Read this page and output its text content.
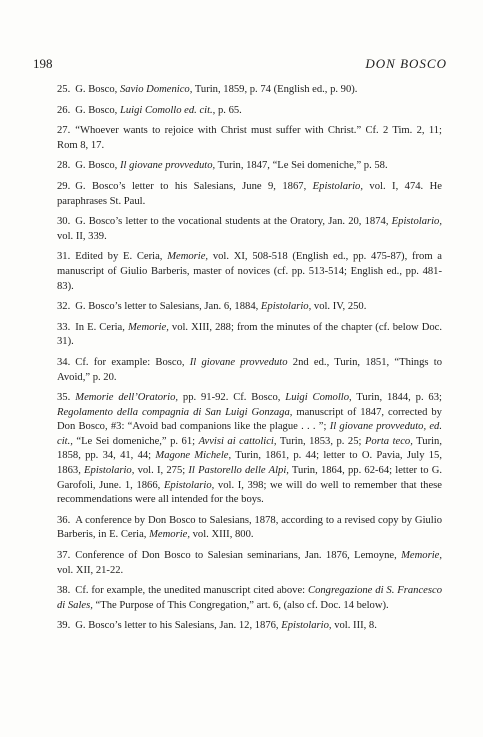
198	DON BOSCO

25. G. Bosco, Savio Domenico, Turin, 1859, p. 74 (English ed., p. 90).

26. G. Bosco, Luigi Comollo ed. cit., p. 65.

27. “Whoever wants to rejoice with Christ must suffer with Christ.” Cf. 2 Tim. 2, 11; Rom 8, 17.

28. G. Bosco, Il giovane provveduto, Turin, 1847, “Le Sei domeniche,” p. 58.

29. G. Bosco’s letter to his Salesians, June 9, 1867, Epistolario, vol. I, 474. He paraphrases St. Paul.

30. G. Bosco’s letter to the vocational students at the Oratory, Jan. 20, 1874, Epistolario, vol. II, 339.

31. Edited by E. Ceria, Memorie, vol. XI, 508-518 (English ed., pp. 475-87), from a manuscript of Giulio Barberis, master of novices (cf. pp. 513-514; English ed., pp. 481-83).

32. G. Bosco’s letter to Salesians, Jan. 6, 1884, Epistolario, vol. IV, 250.

33. In E. Ceria, Memorie, vol. XIII, 288; from the minutes of the chapter (cf. below Doc. 31).

34. Cf. for example: Bosco, Il giovane provveduto 2nd ed., Turin, 1851, “Things to Avoid,” p. 20.

35. Memorie dell’Oratorio, pp. 91-92. Cf. Bosco, Luigi Comollo, Turin, 1844, p. 63; Regolamento della compagnia di San Luigi Gonzaga, manuscript of 1847, corrected by Don Bosco, #3: “Avoid bad companions like the plague . . . ”; Il giovane provveduto, ed. cit., “Le Sei domeniche,” p. 61; Avvisi ai cattolici, Turin, 1853, p. 25; Porta teco, Turin, 1858, pp. 34, 41, 44; Magone Michele, Turin, 1861, p. 44; letter to O. Pavia, July 15, 1863, Epistolario, vol. I, 275; Il Pastorello delle Alpi, Turin, 1864, pp. 62-64; letter to G. Garofoli, June. 1, 1866, Epistolario, vol. I, 398; we will do well to remember that these recommendations were all intended for the boys.

36. A conference by Don Bosco to Salesians, 1878, according to a revised copy by Giulio Barberis, in E. Ceria, Memorie, vol. XIII, 800.

37. Conference of Don Bosco to Salesian seminarians, Jan. 1876, Lemoyne, Memorie, vol. XII, 21-22.

38. Cf. for example, the unedited manuscript cited above: Congregazione di S. Francesco di Sales, “The Purpose of This Congregation,” art. 6, (also cf. Doc. 14 below).

39. G. Bosco’s letter to his Salesians, Jan. 12, 1876, Epistolario, vol. III, 8.
